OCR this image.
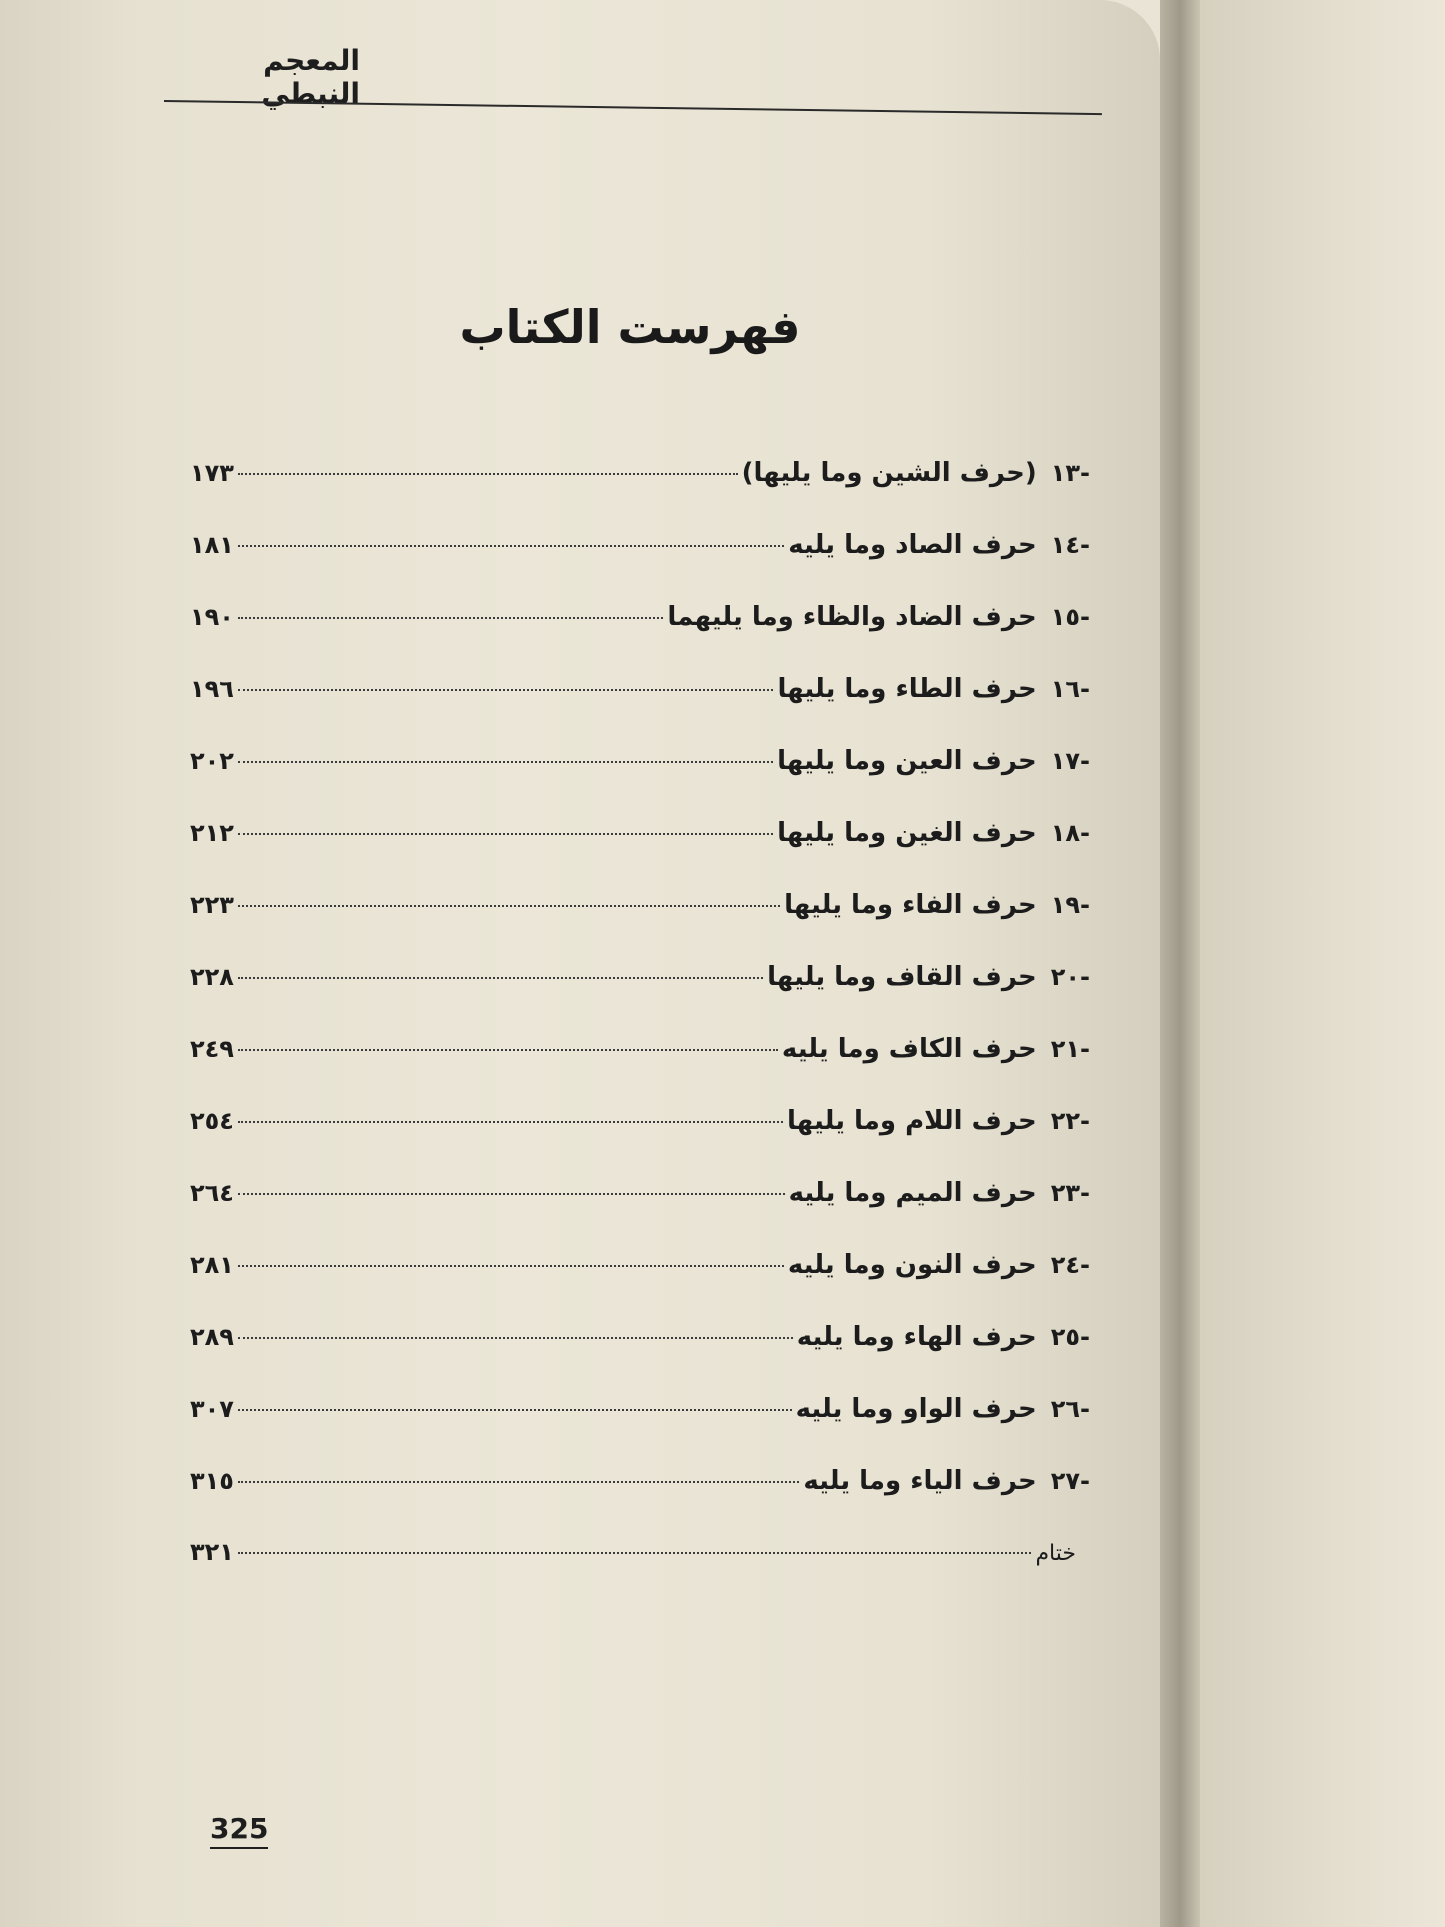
المعجم النبطي
فهرست الكتاب
١٧٣	(حرف الشين وما يليها) -١٣
١٨١	حرف الصاد وما يليه -١٤
١٩٠	حرف الضاد والظاء وما يليهما -١٥
١٩٦	حرف الطاء وما يليها -١٦
٢٠٢	حرف العين وما يليها -١٧
٢١٢	حرف الغين وما يليها -١٨
٢٢٣	حرف الفاء وما يليها -١٩
٢٢٨	حرف القاف وما يليها -٢٠
٢٤٩	حرف الكاف وما يليه -٢١
٢٥٤	حرف اللام وما يليها -٢٢
٢٦٤	حرف الميم وما يليه -٢٣
٢٨١	حرف النون وما يليه -٢٤
٢٨٩	حرف الهاء وما يليه -٢٥
٣٠٧	حرف الواو وما يليه -٢٦
٣١٥	حرف الياء وما يليه -٢٧
٣٢١	ختام
325
